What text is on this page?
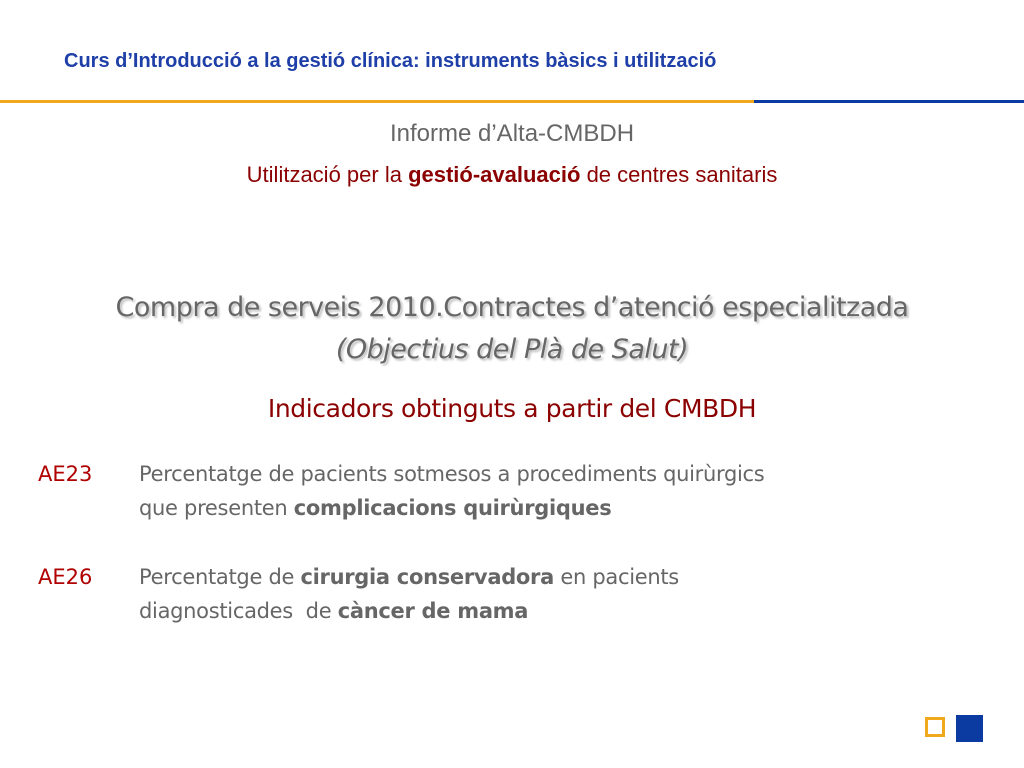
Curs d’Introducció a la gestió clínica: instruments bàsics i utilització
Informe d’Alta-CMBDH
Utilització per la gestió-avaluació de centres sanitaris
Compra de serveis 2010.Contractes d’atenció especialitzada
(Objectius del Plà de Salut)
Indicadors obtinguts a partir del CMBDH
AE23 Percentatge de pacients sotmesos a procediments quirùrgics
que presenten complicacions quirùrgiques
AE26 Percentatge de cirurgia conservadora en pacients
diagnosticades  de càncer de mama
